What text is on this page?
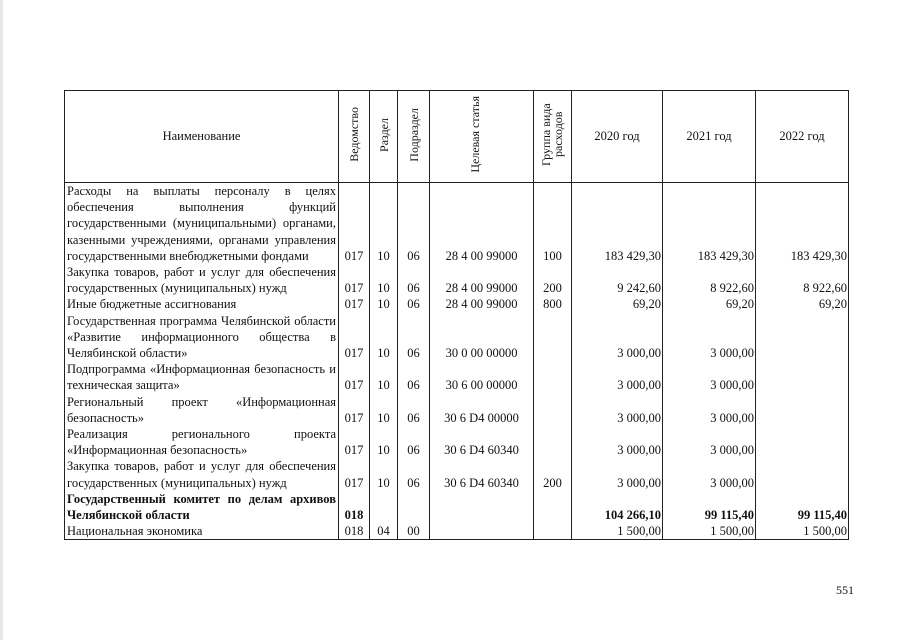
Наименование	Ведомство	Раздел	Подраздел	Целевая статья	Группа вида расходов	2020 год	2021 год	2022 год
Расходы на выплаты персоналу в целях обеспечения выполнения функций государственными (муниципальными) органами, казенными учреждениями, органами управления государственными внебюджетными фондами	017	10	06	28 4 00 99000	100	183 429,30	183 429,30	183 429,30
Закупка товаров, работ и услуг для обеспечения государственных (муниципальных) нужд	017	10	06	28 4 00 99000	200	9 242,60	8 922,60	8 922,60
Иные бюджетные ассигнования	017	10	06	28 4 00 99000	800	69,20	69,20	69,20
Государственная программа Челябинской области «Развитие информационного общества в Челябинской области»	017	10	06	30 0 00 00000		3 000,00	3 000,00	
Подпрограмма «Информационная безопасность и техническая защита»	017	10	06	30 6 00 00000		3 000,00	3 000,00	
Региональный проект «Информационная безопасность»	017	10	06	30 6 D4 00000		3 000,00	3 000,00	
Реализация регионального проекта «Информационная безопасность»	017	10	06	30 6 D4 60340		3 000,00	3 000,00	
Закупка товаров, работ и услуг для обеспечения государственных (муниципальных) нужд	017	10	06	30 6 D4 60340	200	3 000,00	3 000,00	
Государственный комитет по делам архивов Челябинской области	018					104 266,10	99 115,40	99 115,40
Национальная экономика	018	04	00			1 500,00	1 500,00	1 500,00
551
